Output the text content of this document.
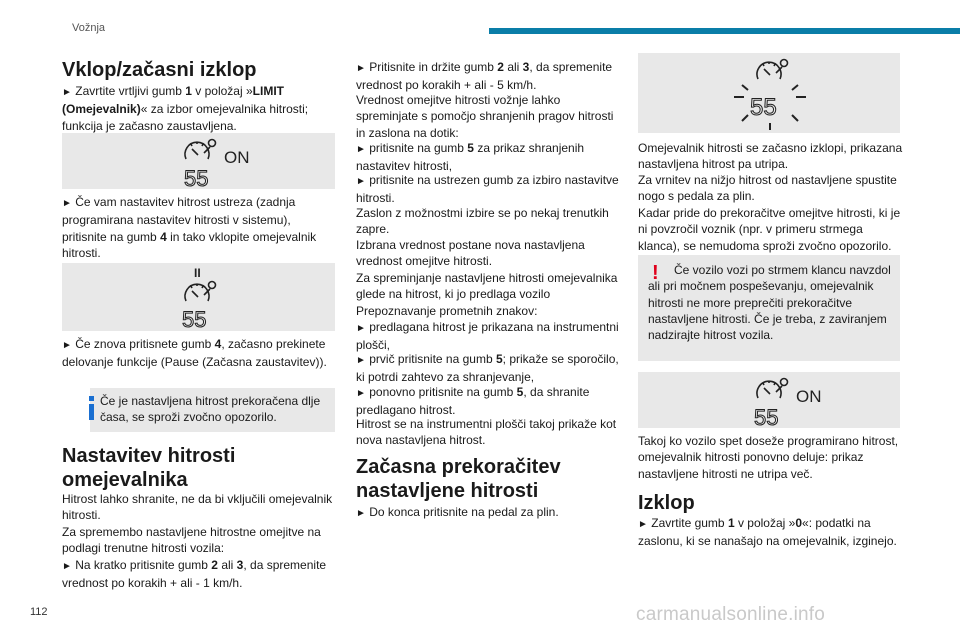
Vožnja
Vklop/začasni izklop

► Zavrtite vrtljivi gumb 1 v položaj »LIMIT (Omejevalnik)« za izbor omejevalnika hitrosti; funkcija je začasno zaustavljena.

ON
55

► Če vam nastavitev hitrost ustreza (zadnja programirana nastavitev hitrosti v sistemu), pritisnite na gumb 4 in tako vklopite omejevalnik hitrosti.

II
55

► Če znova pritisnete gumb 4, začasno prekinete delovanje funkcije (Pause (Začasna zaustavitev)).

Če je nastavljena hitrost prekoračena dlje časa, se sproži zvočno opozorilo.
Nastavitev hitrosti omejevalnika

Hitrost lahko shranite, ne da bi vključili omejevalnik hitrosti.

Za spremembo nastavljene hitrostne omejitve na podlagi trenutne hitrosti vozila:

► Na kratko pritisnite gumb 2 ali 3, da spremenite vrednost po korakih + ali - 1 km/h.

► Pritisnite in držite gumb 2 ali 3, da spremenite vrednost po korakih + ali - 5 km/h.

Vrednost omejitve hitrosti vožnje lahko spreminjate s pomočjo shranjenih pragov hitrosti in zaslona na dotik:

► pritisnite na gumb 5 za prikaz shranjenih nastavitev hitrosti,

► pritisnite na ustrezen gumb za izbiro nastavitve hitrosti.

Zaslon z možnostmi izbire se po nekaj trenutkih zapre.

Izbrana vrednost postane nova nastavljena vrednost omejitve hitrosti.

Za spreminjanje nastavljene hitrosti omejevalnika glede na hitrost, ki jo predlaga vozilo Prepoznavanje prometnih znakov:

► predlagana hitrost je prikazana na instrumentni plošči,

► prvič pritisnite na gumb 5; prikaže se sporočilo, ki potrdi zahtevo za shranjevanje,

► ponovno pritisnite na gumb 5, da shranite predlagano hitrost.

Hitrost se na instrumentni plošči takoj prikaže kot nova nastavljena hitrost.

Začasna prekoračitev nastavljene hitrosti

► Do konca pritisnite na pedal za plin.

55

Omejevalnik hitrosti se začasno izklopi, prikazana nastavljena hitrost pa utripa.

Za vrnitev na nižjo hitrost od nastavljene spustite nogo s pedala za plin.

Kadar pride do prekoračitve omejitve hitrosti, ki je ni povzročil voznik (npr. v primeru strmega klanca), se nemudoma sproži zvočno opozorilo.

!	Če vozilo vozi po strmem klancu navzdol ali pri močnem pospeševanju, omejevalnik hitrosti ne more preprečiti prekoračitve nastavljene hitrosti. Če je treba, z zaviranjem nadzirajte hitrost vozila.
ON
55

Takoj ko vozilo spet doseže programirano hitrost, omejevalnik hitrosti ponovno deluje: prikaz nastavljene hitrosti ne utripa več.

Izklop

► Zavrtite gumb 1 v položaj »0«: podatki na zaslonu, ki se nanašajo na omejevalnik, izginejo.

112	carmanualsonline.info
